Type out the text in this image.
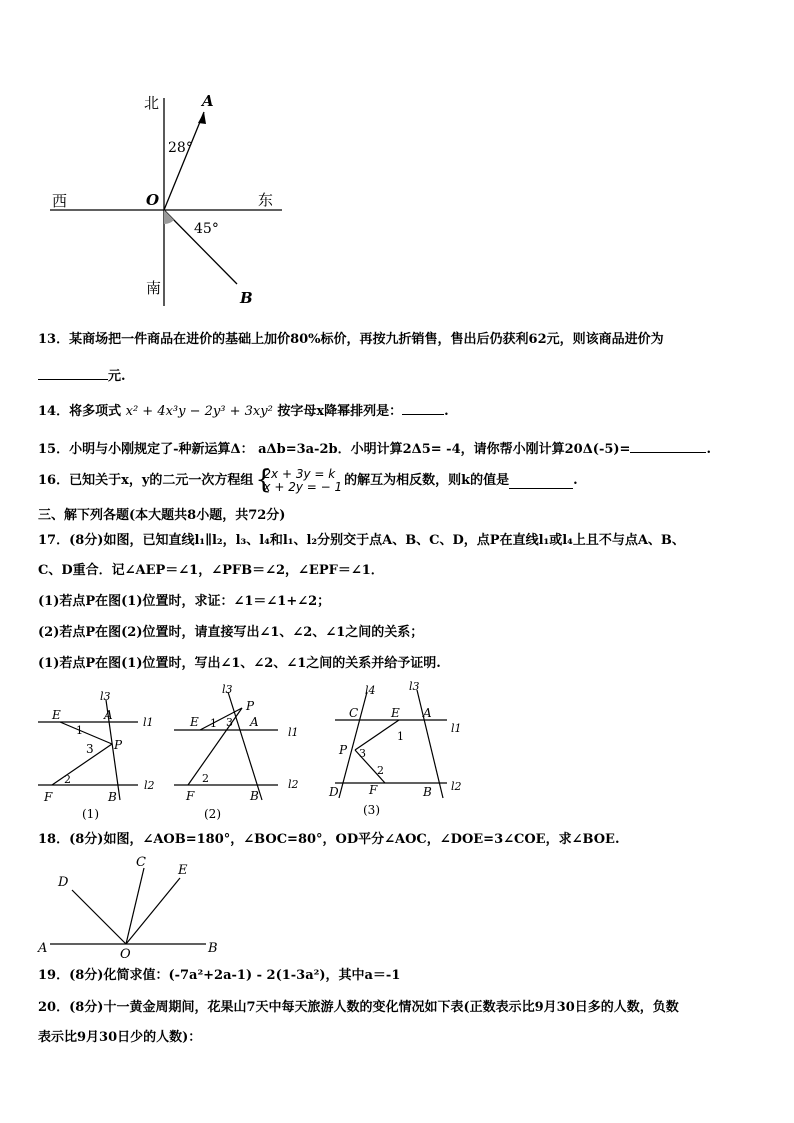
北	A
28°
西	O	东
45°
南
B
13．某商场把一件商品在进价的基础上加价80%标价，再按九折销售，售出后仍获利62元，则该商品进价为
元.
14．将多项式 x² + 4x³y − 2y³ + 3xy² 按字母x降幂排列是：	.
15．小明与小刚规定了-种新运算Δ： aΔb=3a-2b．小明计算2Δ5= -4，请你帮小刚计算20Δ(-5)=	.
16．已知关于x，y的二元一次方程组 {
2x + 3y = k
x + 2y = − 1 的解互为相反数，则k的值是	.
三、解下列各题(本大题共8小题，共72分)
17．(8分)如图，已知直线l₁∥l₂，l₃、l₄和l₁、l₂分别交于点A、B、C、D，点P在直线l₁或l₄上且不与点A、B、
C、D重合．记∠AEP＝∠1，∠PFB＝∠2，∠EPF＝∠1．
(1)若点P在图(1)位置时，求证：∠1＝∠1+∠2；
(2)若点P在图(2)位置时，请直接写出∠1、∠2、∠1之间的关系；
(1)若点P在图(1)位置时，写出∠1、∠2、∠1之间的关系并给予证明.
l3
E	A
l1
1
3 P
2	l2
F	B
(1)
l3
P
E 1 3 A
l1
2	l2
F	B
(2)
l4	l3
C	E A
l1
1
P 3
2
l2
D	F	B
(3)
18．(8分)如图，∠AOB=180°，∠BOC=80°，OD平分∠AOC，∠DOE=3∠COE，求∠BOE.
D
C
E
A	O	B
19．(8分)化简求值：(-7a²+2a-1) - 2(1-3a²)，其中a＝-1
20．(8分)十一黄金周期间，花果山7天中每天旅游人数的变化情况如下表(正数表示比9月30日多的人数，负数
表示比9月30日少的人数)：
